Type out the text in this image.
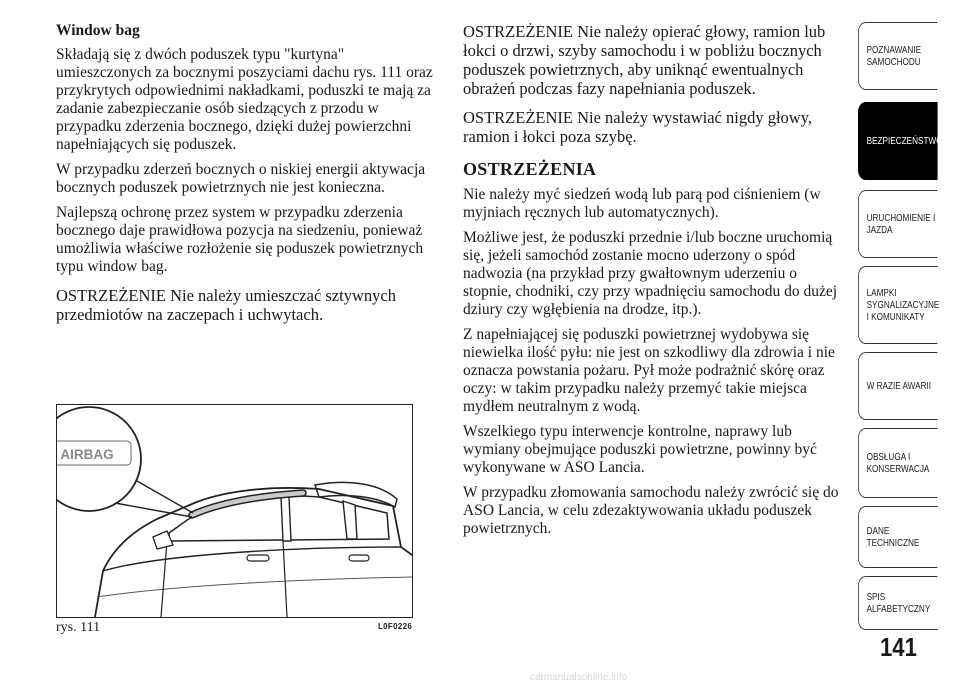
Window bag

Składają się z dwóch poduszek typu "kurtyna" umieszczonych za bocznymi poszyciami dachu rys. 111 oraz przykrytych odpowiednimi nakładkami, poduszki te mają za zadanie zabezpieczanie osób siedzących z przodu w przypadku zderzenia bocznego, dzięki dużej powierzchni napełniających się poduszek.

W przypadku zderzeń bocznych o niskiej energii aktywacja bocznych poduszek powietrznych nie jest konieczna.

Najlepszą ochronę przez system w przypadku zderzenia bocznego daje prawidłowa pozycja na siedzeniu, ponieważ umożliwia właściwe rozłożenie się poduszek powietrznych typu window bag.

OSTRZEŻENIE Nie należy umieszczać sztywnych przedmiotów na zaczepach i uchwytach.

AIRBAG
rys. 111	L0F0226

OSTRZEŻENIE Nie należy opierać głowy, ramion lub łokci o drzwi, szyby samochodu i w pobliżu bocznych poduszek powietrznych, aby uniknąć ewentualnych obrażeń podczas fazy napełniania poduszek.

OSTRZEŻENIE Nie należy wystawiać nigdy głowy, ramion i łokci poza szybę.

OSTRZEŻENIA

Nie należy myć siedzeń wodą lub parą pod ciśnieniem (w myjniach ręcznych lub automatycznych).

Możliwe jest, że poduszki przednie i/lub boczne uruchomią się, jeżeli samochód zostanie mocno uderzony o spód nadwozia (na przykład przy gwałtownym uderzeniu o stopnie, chodniki, czy przy wpadnięciu samochodu do dużej dziury czy wgłębienia na drodze, itp.).

Z napełniającej się poduszki powietrznej wydobywa się niewielka ilość pyłu: nie jest on szkodliwy dla zdrowia i nie oznacza powstania pożaru. Pył może podrażnić skórę oraz oczy: w takim przypadku należy przemyć takie miejsca mydłem neutralnym z wodą.

Wszelkiego typu interwencje kontrolne, naprawy lub wymiany obejmujące poduszki powietrzne, powinny być wykonywane w ASO Lancia.

W przypadku złomowania samochodu należy zwrócić się do ASO Lancia, w celu zdezaktywowania układu poduszek powietrznych.

POZNAWANIE
SAMOCHODU
BEZPIECZEŃSTWO
URUCHOMIENIE I
JAZDA
LAMPKI
SYGNALIZACYJNE
I KOMUNIKATY
W RAZIE AWARII
OBSŁUGA I
KONSERWACJA
DANE
TECHNICZNE
SPIS
ALFABETYCZNY
141
carmanualsonline.info
